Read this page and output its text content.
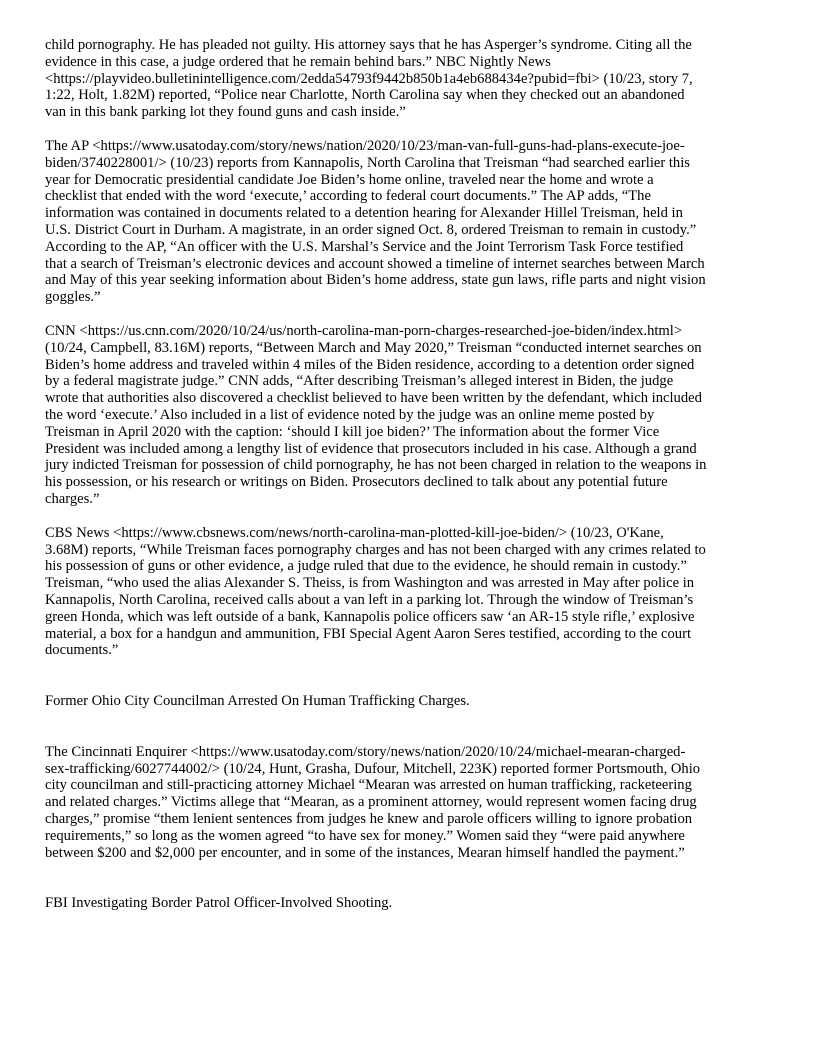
child pornography. He has pleaded not guilty. His attorney says that he has Asperger’s syndrome. Citing all the
evidence in this case, a judge ordered that he remain behind bars.” NBC Nightly News
<https://playvideo.bulletinintelligence.com/2edda54793f9442b850b1a4eb688434e?pubid=fbi> (10/23, story 7,
1:22, Holt, 1.82M) reported, “Police near Charlotte, North Carolina say when they checked out an abandoned
van in this bank parking lot they found guns and cash inside.”

The AP <https://www.usatoday.com/story/news/nation/2020/10/23/man-van-full-guns-had-plans-execute-joe-
biden/3740228001/> (10/23) reports from Kannapolis, North Carolina that Treisman “had searched earlier this
year for Democratic presidential candidate Joe Biden’s home online, traveled near the home and wrote a
checklist that ended with the word ‘execute,’ according to federal court documents.” The AP adds, “The
information was contained in documents related to a detention hearing for Alexander Hillel Treisman, held in
U.S. District Court in Durham. A magistrate, in an order signed Oct. 8, ordered Treisman to remain in custody.”
According to the AP, “An officer with the U.S. Marshal’s Service and the Joint Terrorism Task Force testified
that a search of Treisman’s electronic devices and account showed a timeline of internet searches between March
and May of this year seeking information about Biden’s home address, state gun laws, rifle parts and night vision
goggles.”

CNN <https://us.cnn.com/2020/10/24/us/north-carolina-man-porn-charges-researched-joe-biden/index.html>
(10/24, Campbell, 83.16M) reports, “Between March and May 2020,” Treisman “conducted internet searches on
Biden’s home address and traveled within 4 miles of the Biden residence, according to a detention order signed
by a federal magistrate judge.” CNN adds, “After describing Treisman’s alleged interest in Biden, the judge
wrote that authorities also discovered a checklist believed to have been written by the defendant, which included
the word ‘execute.’ Also included in a list of evidence noted by the judge was an online meme posted by
Treisman in April 2020 with the caption: ‘should I kill joe biden?’ The information about the former Vice
President was included among a lengthy list of evidence that prosecutors included in his case. Although a grand
jury indicted Treisman for possession of child pornography, he has not been charged in relation to the weapons in
his possession, or his research or writings on Biden. Prosecutors declined to talk about any potential future
charges.”

CBS News <https://www.cbsnews.com/news/north-carolina-man-plotted-kill-joe-biden/> (10/23, O'Kane,
3.68M) reports, “While Treisman faces pornography charges and has not been charged with any crimes related to
his possession of guns or other evidence, a judge ruled that due to the evidence, he should remain in custody.”
Treisman, “who used the alias Alexander S. Theiss, is from Washington and was arrested in May after police in
Kannapolis, North Carolina, received calls about a van left in a parking lot. Through the window of Treisman’s
green Honda, which was left outside of a bank, Kannapolis police officers saw ‘an AR-15 style rifle,’ explosive
material, a box for a handgun and ammunition, FBI Special Agent Aaron Seres testified, according to the court
documents.”

Former Ohio City Councilman Arrested On Human Trafficking Charges.

The Cincinnati Enquirer <https://www.usatoday.com/story/news/nation/2020/10/24/michael-mearan-charged-
sex-trafficking/6027744002/> (10/24, Hunt, Grasha, Dufour, Mitchell, 223K) reported former Portsmouth, Ohio
city councilman and still-practicing attorney Michael “Mearan was arrested on human trafficking, racketeering
and related charges.” Victims allege that “Mearan, as a prominent attorney, would represent women facing drug
charges,” promise “them lenient sentences from judges he knew and parole officers willing to ignore probation
requirements,” so long as the women agreed “to have sex for money.” Women said they “were paid anywhere
between $200 and $2,000 per encounter, and in some of the instances, Mearan himself handled the payment.”

FBI Investigating Border Patrol Officer-Involved Shooting.
